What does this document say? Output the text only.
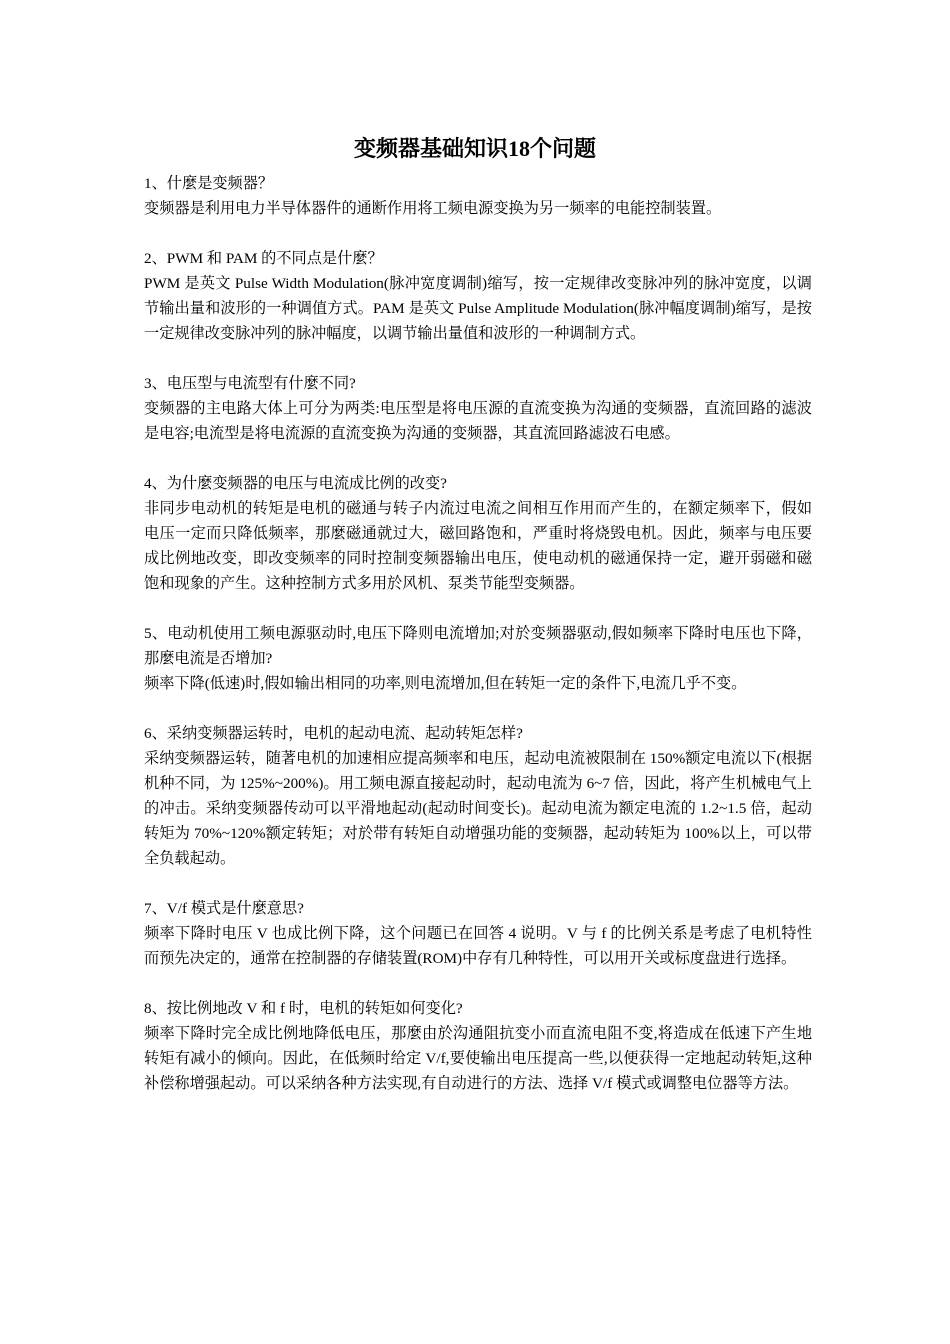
变频器基础知识18个问题

1、什麼是变频器？

变频器是利用电力半导体器件的通断作用将工频电源变换为另一频率的电能控制装置。

2、PWM 和 PAM 的不同点是什麼？

PWM 是英文 Pulse Width Modulation(脉冲宽度调制)缩写，按一定规律改变脉冲列的脉冲宽度，以调节输出量和波形的一种调值方式。PAM 是英文 Pulse Amplitude Modulation(脉冲幅度调制)缩写，是按一定规律改变脉冲列的脉冲幅度，以调节输出量值和波形的一种调制方式。

3、电压型与电流型有什麼不同?

变频器的主电路大体上可分为两类:电压型是将电压源的直流变换为沟通的变频器，直流回路的滤波是电容;电流型是将电流源的直流变换为沟通的变频器，其直流回路滤波石电感。

4、为什麼变频器的电压与电流成比例的改变?

非同步电动机的转矩是电机的磁通与转子内流过电流之间相互作用而产生的，在额定频率下，假如电压一定而只降低频率，那麼磁通就过大，磁回路饱和，严重时将烧毁电机。因此，频率与电压要成比例地改变，即改变频率的同时控制变频器输出电压，使电动机的磁通保持一定，避开弱磁和磁饱和现象的产生。这种控制方式多用於风机、泵类节能型变频器。

5、电动机使用工频电源驱动时,电压下降则电流增加;对於变频器驱动,假如频率下降时电压也下降，那麼电流是否增加?

频率下降(低速)时,假如输出相同的功率,则电流增加,但在转矩一定的条件下,电流几乎不变。

6、采纳变频器运转时，电机的起动电流、起动转矩怎样?

采纳变频器运转，随著电机的加速相应提高频率和电压，起动电流被限制在 150%额定电流以下(根据机种不同，为 125%~200%)。用工频电源直接起动时，起动电流为 6~7 倍，因此，将产生机械电气上的冲击。采纳变频器传动可以平滑地起动(起动时间变长)。起动电流为额定电流的 1.2~1.5 倍，起动转矩为 70%~120%额定转矩；对於带有转矩自动增强功能的变频器，起动转矩为 100%以上，可以带全负载起动。

7、V/f 模式是什麼意思?

频率下降时电压 V 也成比例下降，这个问题已在回答 4 说明。V 与 f 的比例关系是考虑了电机特性而预先决定的，通常在控制器的存储装置(ROM)中存有几种特性，可以用开关或标度盘进行选择。

8、按比例地改 V 和 f 时，电机的转矩如何变化?

频率下降时完全成比例地降低电压，那麼由於沟通阻抗变小而直流电阻不变,将造成在低速下产生地转矩有减小的倾向。因此，在低频时给定 V/f,要使输出电压提高一些,以便获得一定地起动转矩,这种补偿称增强起动。可以采纳各种方法实现,有自动进行的方法、选择 V/f 模式或调整电位器等方法。
